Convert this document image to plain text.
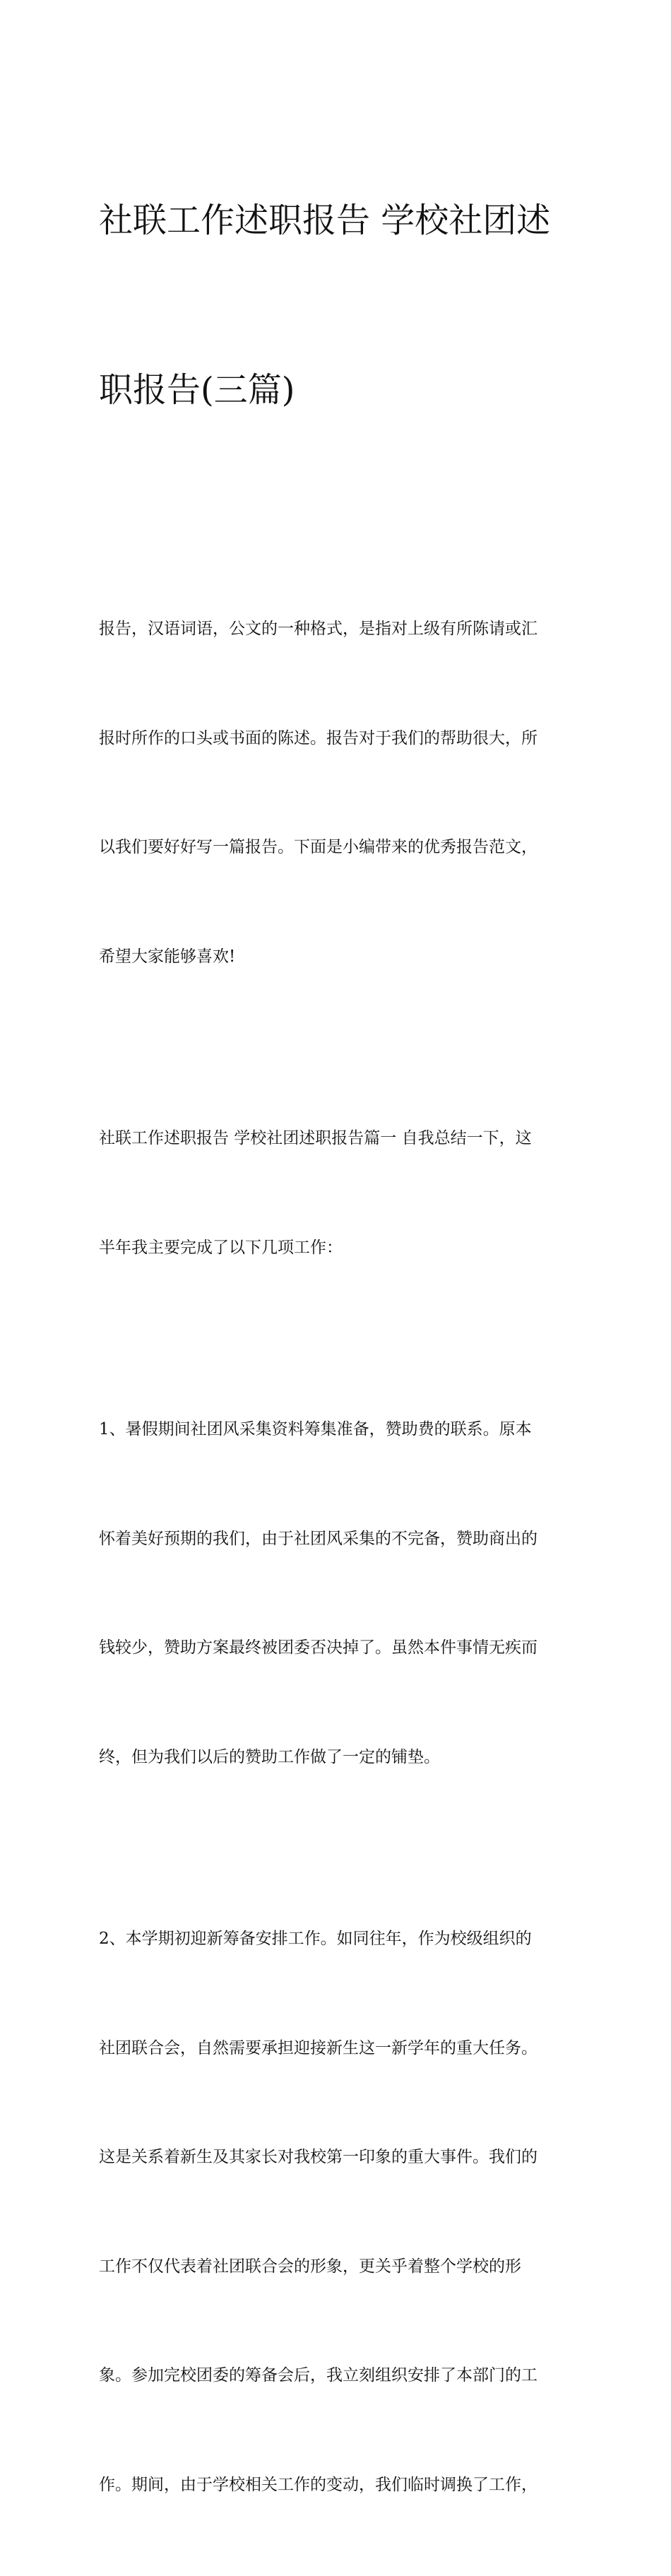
社联工作述职报告 学校社团述

职报告(三篇)

报告，汉语词语，公文的一种格式，是指对上级有所陈请或汇

报时所作的口头或书面的陈述。报告对于我们的帮助很大，所

以我们要好好写一篇报告。下面是小编带来的优秀报告范文，

希望大家能够喜欢!

社联工作述职报告 学校社团述职报告篇一 自我总结一下，这

半年我主要完成了以下几项工作：

1、暑假期间社团风采集资料筹集准备，赞助费的联系。原本

怀着美好预期的我们，由于社团风采集的不完备，赞助商出的

钱较少，赞助方案最终被团委否决掉了。虽然本件事情无疾而

终，但为我们以后的赞助工作做了一定的铺垫。

2、本学期初迎新筹备安排工作。如同往年，作为校级组织的

社团联合会，自然需要承担迎接新生这一新学年的重大任务。

这是关系着新生及其家长对我校第一印象的重大事件。我们的

工作不仅代表着社团联合会的形象，更关乎着整个学校的形

象。参加完校团委的筹备会后，我立刻组织安排了本部门的工

作。期间，由于学校相关工作的变动，我们临时调换了工作，
